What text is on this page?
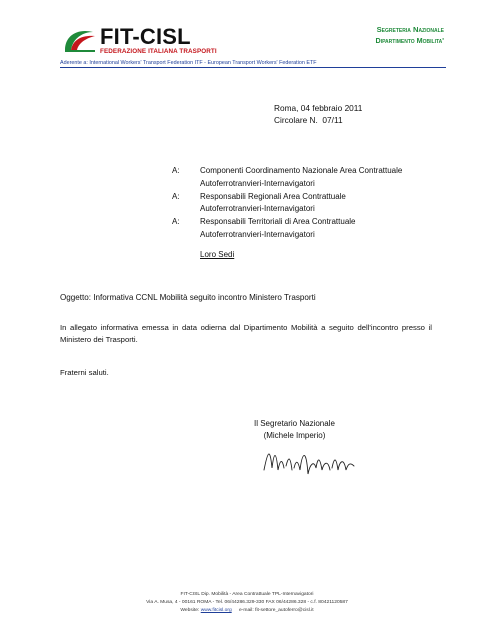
FIT-CISL
FEDERAZIONE ITALIANA TRASPORTI
Segreteria Nazionale
Dipartimento Mobilita'
Aderente a: International Workers' Transport Federation ITF - European Transport Workers' Federation ETF
Roma, 04 febbraio 2011
Circolare N.  07/11
A:	Componenti Coordinamento Nazionale Area Contrattuale
Autoferrotranvieri-Internavigatori
A:	Responsabili Regionali Area Contrattuale
Autoferrotranvieri-Internavigatori
A:	Responsabili Territoriali di Area Contrattuale
Autoferrotranvieri-Internavigatori
Loro Sedi
Oggetto: Informativa CCNL Mobilità seguito incontro Ministero Trasporti
In allegato informativa emessa in data odierna dal Dipartimento Mobilità a seguito dell'incontro presso il Ministero dei Trasporti.
Fraterni saluti.
Il Segretario Nazionale
(Michele Imperio)
FIT-CISL Dip. Mobilità - Area Contrattuale TPL-Internavigatori
Via A. Musa, 4 - 00161 ROMA - Tel. 06/44286.329-330 FAX 06/44286.328 - c.f. 80421120587
Website: www.fitcisl.org e-mail: fit-settore_autoferro@cisl.it
